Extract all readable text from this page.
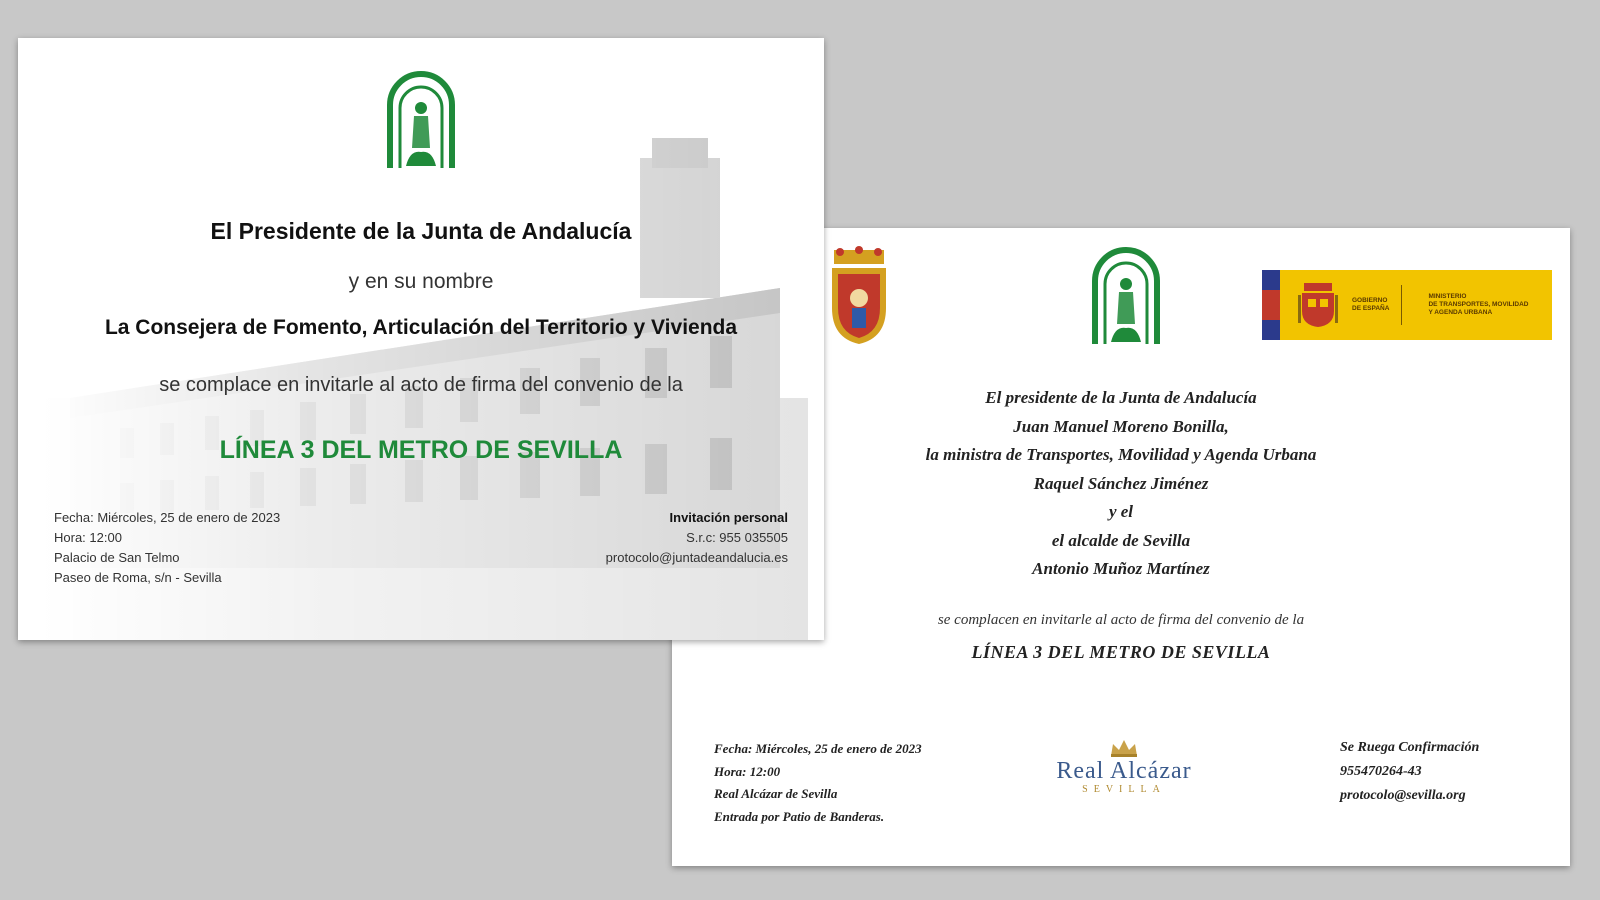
El Presidente de la Junta de Andalucía
y en su nombre
La Consejera de Fomento, Articulación del Territorio y Vivienda
se complace en invitarle al acto de firma del convenio de la
LÍNEA 3 DEL METRO DE SEVILLA
Fecha: Miércoles, 25 de enero de 2023
Hora: 12:00
Palacio de San Telmo
Paseo de Roma, s/n - Sevilla
Invitación personal
S.r.c: 955 035505
protocolo@juntadeandalucia.es
GOBIERNO
DE ESPAÑA
MINISTERIO
DE TRANSPORTES, MOVILIDAD
Y AGENDA URBANA
El presidente de la Junta de Andalucía
Juan Manuel Moreno Bonilla,
la ministra de Transportes, Movilidad y Agenda Urbana
Raquel Sánchez Jiménez
y el
el alcalde de Sevilla
Antonio Muñoz Martínez
se complacen en invitarle al acto de firma del convenio de la
LÍNEA 3 DEL METRO DE SEVILLA
Fecha: Miércoles, 25 de enero de 2023
Hora: 12:00
Real Alcázar de Sevilla
Entrada por Patio de Banderas.
Real Alcázar
SEVILLA
Se Ruega Confirmación
955470264-43
protocolo@sevilla.org
